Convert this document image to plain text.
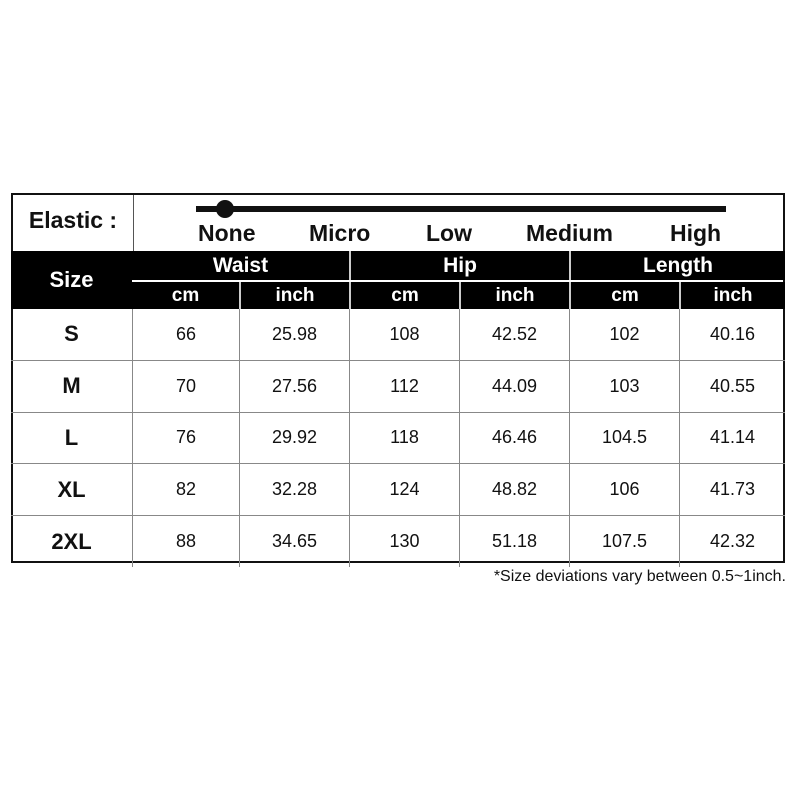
Elastic :	None Micro Low Medium High
Size
Waist	Hip	Length
cm	inch	cm	inch	cm	inch
S	66	25.98	108	42.52	102	40.16
M	70	27.56	112	44.09	103	40.55
L	76	29.92	118	46.46	104.5	41.14
XL	82	32.28	124	48.82	106	41.73
2XL	88	34.65	130	51.18	107.5	42.32
*Size deviations vary between 0.5~1inch.
